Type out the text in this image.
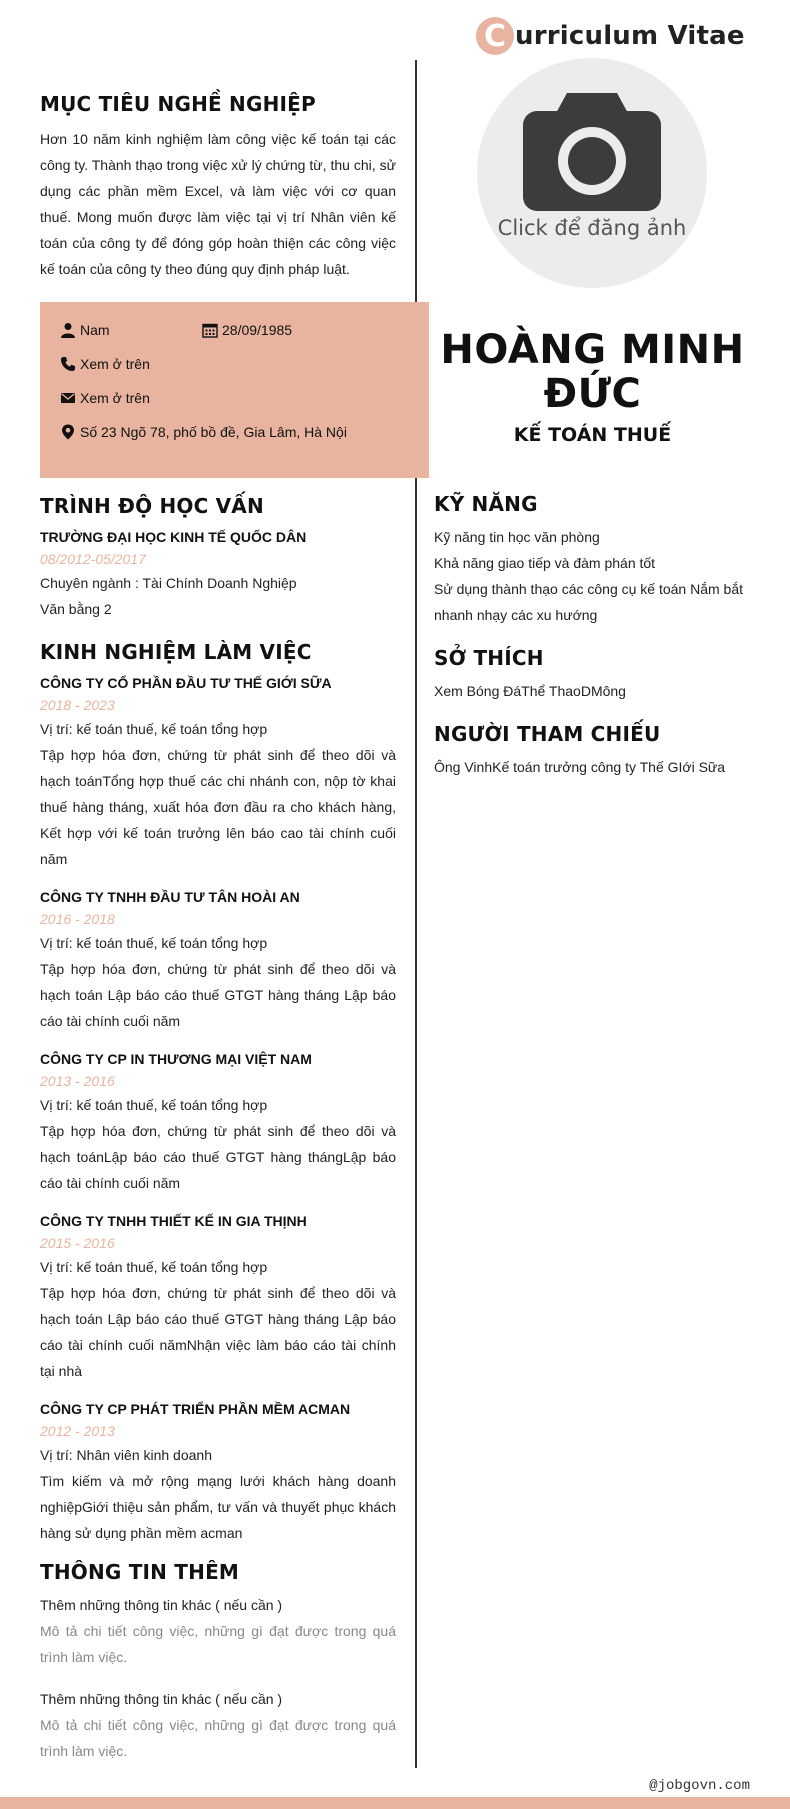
C urriculum Vitae
Click để đăng ảnh
MỤC TIÊU NGHỀ NGHIỆP
Hơn 10 năm kinh nghiệm làm công việc kế toán tại các công ty. Thành thạo trong việc xử lý chứng từ, thu chi, sử dụng các phần mềm Excel, và làm việc với cơ quan thuế. Mong muốn được làm việc tại vị trí Nhân viên kế toán của công ty để đóng góp hoàn thiện các công việc kế toán của công ty theo đúng quy định pháp luật.
Nam	28/09/1985
Xem ở trên
Xem ở trên
Số 23 Ngõ 78, phố bồ đề, Gia Lâm, Hà Nội
HOÀNG MINH ĐỨC
KẾ TOÁN THUẾ
TRÌNH ĐỘ HỌC VẤN
TRƯỜNG ĐẠI HỌC KINH TẾ QUỐC DÂN
08/2012-05/2017
Chuyên ngành : Tài Chính Doanh Nghiệp
Văn bằng 2
KINH NGHIỆM LÀM VIỆC
CÔNG TY CỔ PHẦN ĐẦU TƯ THẾ GIỚI SỮA
2018 - 2023
Vị trí: kế toán thuế, kế toán tổng hợp
Tập hợp hóa đơn, chứng từ phát sinh để theo dõi và hạch toánTổng hợp thuế các chi nhánh con, nộp tờ khai thuế hàng tháng, xuất hóa đơn đầu ra cho khách hàng, Kết hợp với kế toán trưởng lên báo cao tài chính cuối năm
CÔNG TY TNHH ĐẦU TƯ TÂN HOÀI AN
2016 - 2018
Vị trí: kế toán thuế, kế toán tổng hợp
Tập hợp hóa đơn, chứng từ phát sinh để theo dõi và hạch toán Lập báo cáo thuế GTGT hàng tháng Lập báo cáo tài chính cuối năm
CÔNG TY CP IN THƯƠNG MẠI VIỆT NAM
2013 - 2016
Vị trí: kế toán thuế, kế toán tổng hợp
Tập hợp hóa đơn, chứng từ phát sinh để theo dõi và hạch toánLập báo cáo thuế GTGT hàng thángLập báo cáo tài chính cuối năm
CÔNG TY TNHH THIẾT KẾ IN GIA THỊNH
2015 - 2016
Vị trí: kế toán thuế, kế toán tổng hợp
Tập hợp hóa đơn, chứng từ phát sinh để theo dõi và hạch toán Lập báo cáo thuế GTGT hàng tháng Lập báo cáo tài chính cuối nămNhận việc làm báo cáo tài chính tại nhà
CÔNG TY CP PHÁT TRIỂN PHẦN MỀM ACMAN
2012 - 2013
Vị trí: Nhân viên kinh doanh
Tìm kiếm và mở rộng mạng lưới khách hàng doanh nghiệpGiới thiệu sản phẩm, tư vấn và thuyết phục khách hàng sử dụng phần mềm acman
THÔNG TIN THÊM
Thêm những thông tin khác ( nếu cần )
Mô tả chi tiết công việc, những gì đạt được trong quá trình làm việc.
Thêm những thông tin khác ( nếu cần )
Mô tả chi tiết công việc, những gì đạt được trong quá trình làm việc.
KỸ NĂNG
Kỹ năng tin học văn phòng
Khả năng giao tiếp và đàm phán tốt
Sử dụng thành thạo các công cụ kế toán Nắm bắt nhanh nhạy các xu hướng
SỞ THÍCH
Xem Bóng ĐáThể ThaoDMông
NGƯỜI THAM CHIẾU
Ông VinhKế toán trưởng công ty Thế GIới Sữa
@jobgovn.com
